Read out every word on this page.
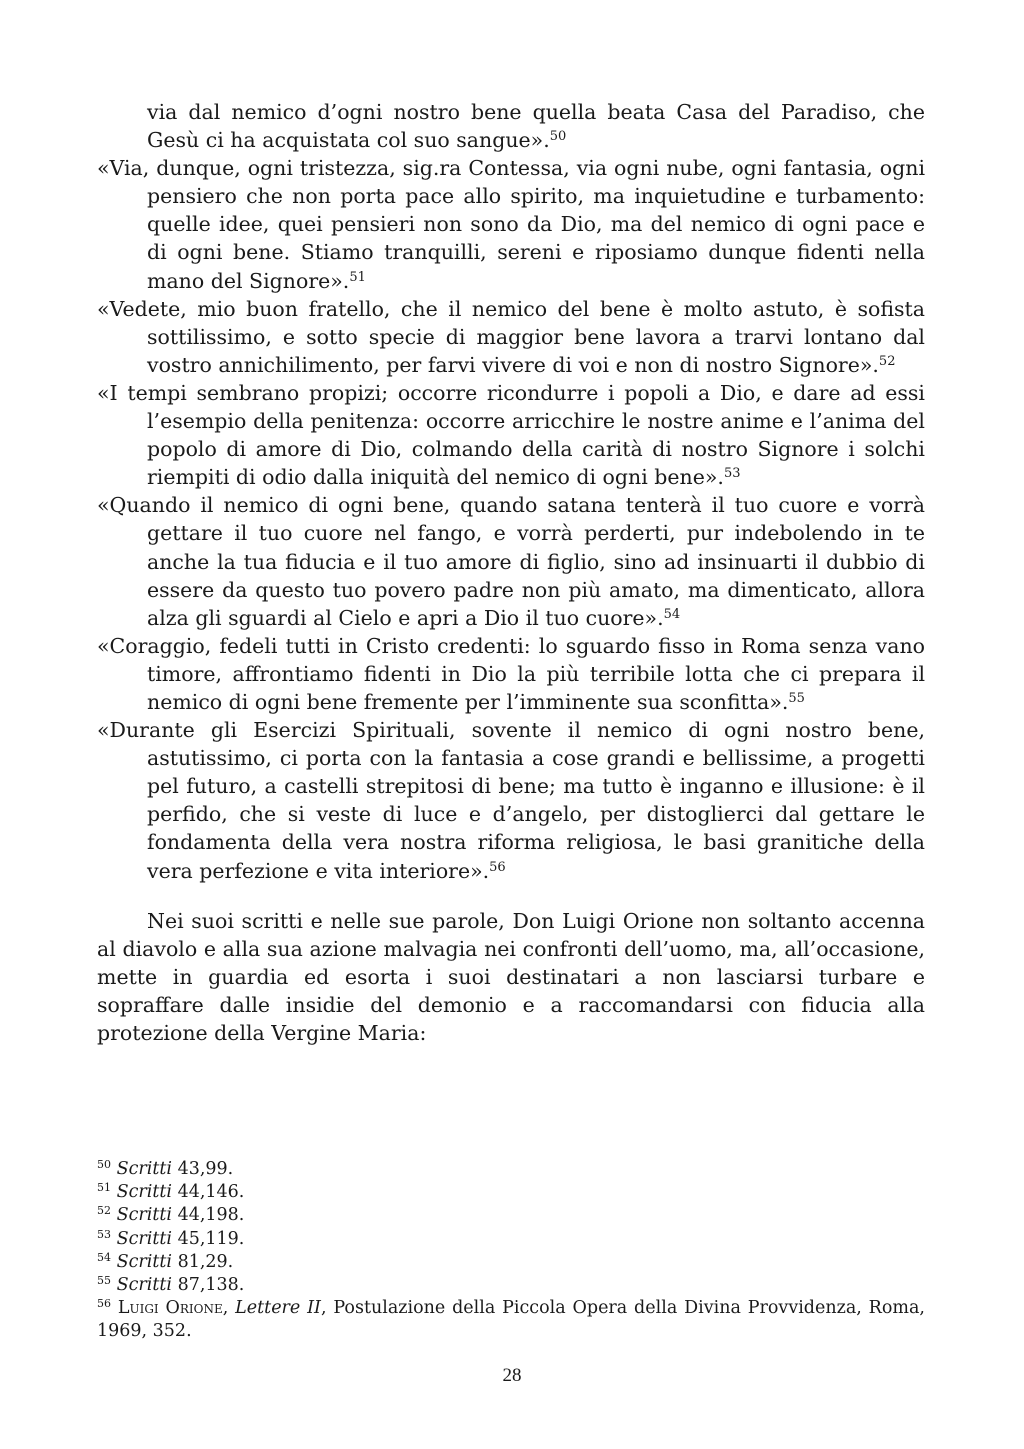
via dal nemico d’ogni nostro bene quella beata Casa del Paradiso, che Gesù ci ha acquistata col suo sangue».$^{50}$

«Via, dunque, ogni tristezza, sig.ra Contessa, via ogni nube, ogni fantasia, ogni pensiero che non porta pace allo spirito, ma inquietudine e turbamento: quelle idee, quei pensieri non sono da Dio, ma del nemico di ogni pace e di ogni bene. Stiamo tranquilli, sereni e riposiamo dunque fidenti nella mano del Signore».$^{51}$

«Vedete, mio buon fratello, che il nemico del bene è molto astuto, è sofista sottilissimo, e sotto specie di maggior bene lavora a trarvi lontano dal vostro annichilimento, per farvi vivere di voi e non di nostro Signore».$^{52}$

«I tempi sembrano propizi; occorre ricondurre i popoli a Dio, e dare ad essi l’esempio della penitenza: occorre arricchire le nostre anime e l’anima del popolo di amore di Dio, colmando della carità di nostro Signore i solchi riempiti di odio dalla iniquità del nemico di ogni bene».$^{53}$

«Quando il nemico di ogni bene, quando satana tenterà il tuo cuore e vorrà gettare il tuo cuore nel fango, e vorrà perderti, pur indebolendo in te anche la tua fiducia e il tuo amore di figlio, sino ad insinuarti il dubbio di essere da questo tuo povero padre non più amato, ma dimenticato, allora alza gli sguardi al Cielo e apri a Dio il tuo cuore».$^{54}$

«Coraggio, fedeli tutti in Cristo credenti: lo sguardo fisso in Roma senza vano timore, affrontiamo fidenti in Dio la più terribile lotta che ci prepara il nemico di ogni bene fremente per l’imminente sua sconfitta».$^{55}$

«Durante gli Esercizi Spirituali, sovente il nemico di ogni nostro bene, astutissimo, ci porta con la fantasia a cose grandi e bellissime, a progetti pel futuro, a castelli strepitosi di bene; ma tutto è inganno e illusione: è il perfido, che si veste di luce e d’angelo, per distoglierci dal gettare le fondamenta della vera nostra riforma religiosa, le basi granitiche della vera perfezione e vita interiore».$^{56}$

Nei suoi scritti e nelle sue parole, Don Luigi Orione non soltanto accenna al diavolo e alla sua azione malvagia nei confronti dell’uomo, ma, all’occasione, mette in guardia ed esorta i suoi destinatari a non lasciarsi turbare e sopraffare dalle insidie del demonio e a raccomandarsi con fiducia alla protezione della Vergine Maria:

$^{50}$ Scritti 43,99.

$^{51}$ Scritti 44,146.

$^{52}$ Scritti 44,198.

$^{53}$ Scritti 45,119.

$^{54}$ Scritti 81,29.

$^{55}$ Scritti 87,138.

$^{56}$ Luigi Orione, Lettere II, Postulazione della Piccola Opera della Divina Provvidenza, Roma, 1969, 352.

28
